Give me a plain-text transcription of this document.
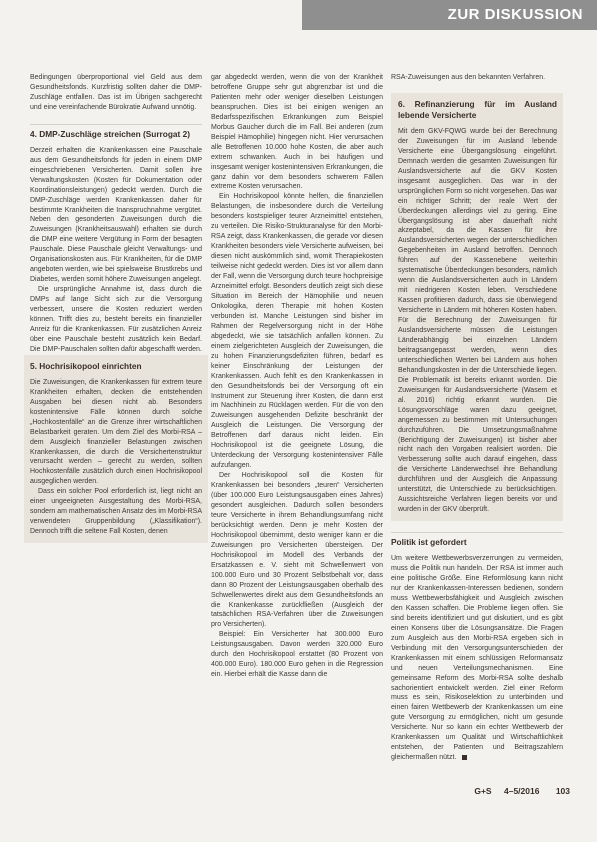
ZUR DISKUSSION

Bedingungen überproportional viel Geld aus dem Gesundheitsfonds. Kurzfristig sollten daher die DMP-Zuschläge entfallen. Das ist im Übrigen sachgerecht und eine vereinfachende Bürokratie Aufwand unnötig.

4. DMP-Zuschläge streichen (Surrogat 2)

Derzeit erhalten die Krankenkassen eine Pauschale aus dem Gesundheitsfonds für jeden in einem DMP eingeschriebenen Versicherten. Damit sollen ihre Verwaltungskosten (Kosten für Dokumentation oder Koordinationsleistungen) gedeckt werden. Durch die DMP-Zuschläge werden Krankenkassen daher für bestimmte Krankheiten die Inanspruchnahme vergütet. Neben den gesonderten Zuweisungen durch die Zuweisungen (Krankheitsauswahl) erhalten sie durch die DMP eine weitere Vergütung in Form der besagten Pauschale. Diese Pauschale gleicht Verwaltungs- und Organisationskosten aus. Für Krankheiten, für die DMP angeboten werden, wie bei spielsweise Brustkrebs und Diabetes, werden somit höhere Zuweisungen angelegt.

Die ursprüngliche Annahme ist, dass durch die DMPs auf lange Sicht sich zur die Versorgung verbessert, unsere die Kosten reduziert werden können. Trifft dies zu, besteht bereits ein finanzieller Anreiz für die Krankenkassen. Für zusätzlichen Anreiz über eine Pauschale besteht zusätzlich kein Bedarf. Die DMP-Pauschalen sollten dafür abgeschafft werden.

5. Hochrisikopool einrichten

Die Zuweisungen, die Krankenkassen für extrem teure Krankheiten erhalten, decken die entstehenden Ausgaben bei diesen nicht ab. Besonders kostenintensive Fälle können durch solche „Hochkostenfälle“ an die Grenze ihrer wirtschaftlichen Belastbarkeit geraten. Um dem Ziel des Morbi-RSA – dem Ausgleich finanzieller Belastungen zwischen Krankenkassen, die durch die Versichertenstruktur verursacht werden – gerecht zu werden, sollten Hochkostenfälle zusätzlich durch einen Hochrisikopool ausgeglichen werden.

Dass ein solcher Pool erforderlich ist, liegt nicht an einer ungeeigneten Ausgestaltung des Morbi-RSA, sondern am mathematischen Ansatz des im Morbi-RSA verwendeten Gruppenbildung („Klassifikation“). Dennoch trifft die seltene Fall Kosten, denen

gar abgedeckt werden, wenn die von der Krankheit betroffene Gruppe sehr gut abgrenzbar ist und die Patienten mehr oder weniger dieselben Leistungen beanspruchen. Dies ist bei einigen wenigen an Bedarfsspezifischen Erkrankungen zum Beispiel Morbus Gaucher durch die im Fall. Bei anderen (zum Beispiel Hämophilie) hingegen nicht. Hier verursachen alle Betroffenen 10.000 hohe Kosten, die aber auch extrem schwanken. Auch in bei häufigen und insgesamt weniger kostenintensiven Erkrankungen, die ganz dahin vor dem besonders schwerem Fällen extreme Kosten verursachen.

Ein Hochrisikopool könnte helfen, die finanziellen Belastungen, die insbesondere durch die Verteilung besonders kostspieliger teurer Arzneimittel entstehen, zu verteilen. Die Risiko-Strukturanalyse für den Morbi-RSA zeigt, dass Krankenkassen, die gerade vor diesen Krankheiten besonders viele Versicherte aufweisen, bei diesen nicht auskömmlich sind, womit Therapiekosten teilweise nicht gedeckt werden. Dies ist vor allem dann der Fall, wenn die Versorgung durch teure hochpreisige Arzneimittel erfolgt. Besonders deutlich zeigt sich diese Situation im Bereich der Hämophilie und neuen Onkologika, deren Therapie mit hohen Kosten verbunden ist. Manche Leistungen sind bisher im Rahmen der Regelversorgung nicht in der Höhe abgedeckt, wie sie tatsächlich anfallen können. Zu einem zielgerichteten Ausgleich der Zuweisungen, die zu hohen Finanzierungsdefiziten führen, bedarf es keiner Einschränkung der Leistungen der Krankenkassen. Auch fehlt es den Krankenkassen in den Gesundheitsfonds bei der Versorgung oft ein Instrument zur Steuerung ihrer Kosten, die dann erst im Nachhinein zu Rücklagen werden. Für die von den Zuweisungen ausgehenden Defizite beschränkt der Ausgleich die Leistungen. Die Versorgung der Betroffenen darf daraus nicht leiden. Ein Hochrisikopool ist die geeignete Lösung, die Unterdeckung der Versorgung kostenintensiver Fälle aufzufangen.

Der Hochrisikopool soll die Kosten für Krankenkassen bei besonders „teuren“ Versicherten (über 100.000 Euro Leistungsausgaben eines Jahres) gesondert ausgleichen. Dadurch sollen besonders teure Versicherte in ihrem Behandlungsumfang nicht berücksichtigt werden. Denn je mehr Kosten der Hochrisikopool übernimmt, desto weniger kann er die Zuweisungen pro Versicherten übersteigen. Der Hochrisikopool im Modell des Verbands der Ersatzkassen e. V. sieht mit Schwellenwert von 100.000 Euro und 30 Prozent Selbstbehalt vor, dass dann 80 Prozent der Leistungsausgaben oberhalb des Schwellenwertes direkt aus dem Gesundheitsfonds an die Krankenkasse zurückfließen (Ausgleich der tatsächlichen RSA-Verfahren über die Zuweisungen pro Versicherten).

Beispiel: Ein Versicherter hat 300.000 Euro Leistungsausgaben. Davon werden 320.000 Euro durch den Hochrisikopool erstattet (80 Prozent von 400.000 Euro). 180.000 Euro gehen in die Regression ein. Hierbei erhält die Kasse dann die

RSA-Zuweisungen aus den bekannten Verfahren.

6. Refinanzierung für im Ausland lebende Versicherte

Mit dem GKV-FQWG wurde bei der Berechnung der Zuweisungen für im Ausland lebende Versicherte eine Übergangslösung eingeführt. Demnach werden die gesamten Zuweisungen für Auslandsversicherte auf die GKV Kosten insgesamt ausgeglichen. Das war in der ursprünglichen Form so nicht vorgesehen. Das war ein richtiger Schritt; der reale Wert der Überdeckungen allerdings viel zu gering. Eine Übergangslösung ist aber dauerhaft nicht akzeptabel, da die Kassen für ihre Auslandsversicherten wegen der unterschiedlichen Gegebenheiten im Ausland betroffen. Dennoch führen auf der Kassenebene weiterhin systematische Überdeckungen besonders, nämlich wenn die Auslandsversicherten auch in Ländern mit niedrigeren Kosten leben. Verschiedene Kassen profitieren dadurch, dass sie überwiegend Versicherte in Ländern mit höheren Kosten haben. Für die Berechnung der Zuweisungen für Auslandsversicherte müssen die Leistungen Länderabhängig bei einzelnen Ländern beitragsangepasst werden, wenn dies unterschiedlichen Werten bei Ländern aus hohen Behandlungskosten in der die Unterschiede liegen. Die Problematik ist bereits erkannt worden. Die Zuweisungen für Auslandsversicherte (Wasem et al. 2016) richtig erkannt wurden. Die Lösungsvorschläge waren dazu geeignet, angemessen zu bestimmen mit Untersuchungen durchzuführen. Die Umsetzungsmaßnahme (Berichtigung der Zuweisungen) ist bisher aber nicht nach den Vorgaben realisiert worden. Die Verbesserung sollte auch darauf eingehen, dass die Versicherte Länderwechsel ihre Behandlung durchführen und der Ausgleich die Anpassung unterstützt, die Unterschiede zu berücksichtigen. Aussichtsreiche Verfahren liegen bereits vor und wurden in der GKV überprüft.

Politik ist gefordert

Um weitere Wettbewerbsverzerrungen zu vermeiden, muss die Politik nun handeln. Der RSA ist immer auch eine politische Größe. Eine Reformlösung kann nicht nur der Krankenkassen-Interessen bedienen, sondern muss Wettbewerbsfähigkeit und Ausgleich zwischen den Kassen schaffen. Die Probleme liegen offen. Sie sind bereits identifiziert und gut diskutiert, und es gibt einen Konsens über die Lösungsansätze. Die Fragen zum Ausgleich aus den Morbi-RSA ergeben sich in Verbindung mit den Versorgungsunterschieden der Krankenkassen mit einem schlüssigen Reformansatz und neuen Verteilungsmechanismen. Eine gemeinsame Reform des Morbi-RSA sollte deshalb sachorientiert entwickelt werden. Ziel einer Reform muss es sein, Risikoselektion zu unterbinden und einen fairen Wettbewerb der Krankenkassen um eine gute Versorgung zu ermöglichen, nicht um gesunde Versicherte. Nur so kann ein echter Wettbewerb der Krankenkassen um Qualität und Wirtschaftlichkeit entstehen, der Patienten und Beitragszahlern gleichermaßen nützt.

G+S 4–5/2016 103
